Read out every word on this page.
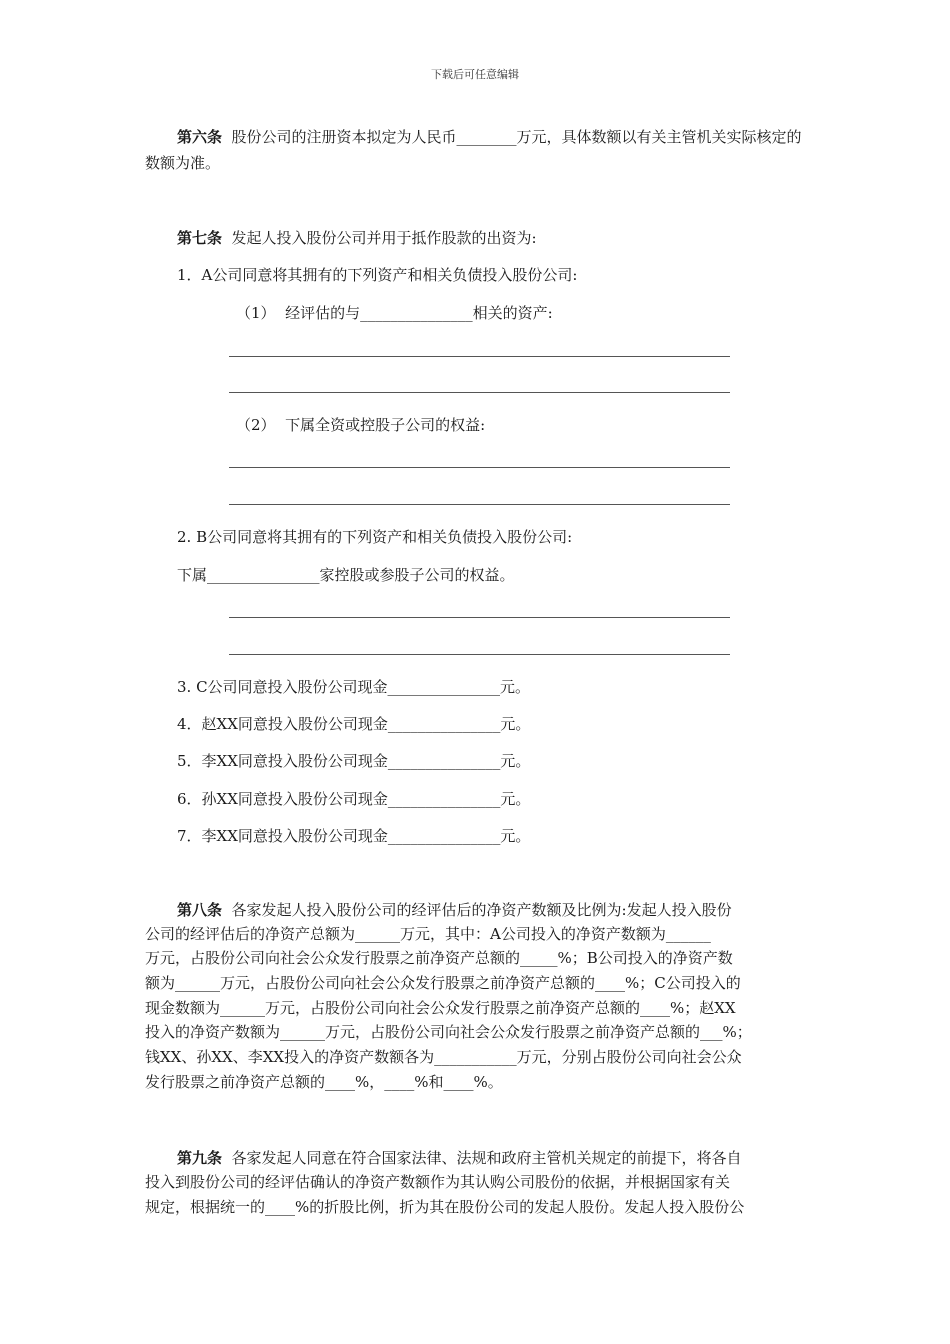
下载后可任意编辑

第六条  股份公司的注册资本拟定为人民币________万元，具体数额以有关主管机关实际核定的数额为准。

第七条  发起人投入股份公司并用于抵作股款的出资为:

1．A公司同意将其拥有的下列资产和相关负债投入股份公司:

（1）  经评估的与_______________相关的资产:

（2）  下属全资或控股子公司的权益:

2. B公司同意将其拥有的下列资产和相关负债投入股份公司:

下属_______________家控股或参股子公司的权益。

3. C公司同意投入股份公司现金_______________元。

4．赵XX同意投入股份公司现金_______________元。

5．李XX同意投入股份公司现金_______________元。

6．孙XX同意投入股份公司现金_______________元。

7．李XX同意投入股份公司现金_______________元。

第八条  各家发起人投入股份公司的经评估后的净资产数额及比例为:发起人投入股份

公司的经评估后的净资产总额为______万元，其中：A公司投入的净资产数额为______

万元，占股份公司向社会公众发行股票之前净资产总额的_____%；B公司投入的净资产数

额为______万元，占股份公司向社会公众发行股票之前净资产总额的____%；C公司投入的

现金数额为______万元，占股份公司向社会公众发行股票之前净资产总额的____%；赵XX

投入的净资产数额为______万元，占股份公司向社会公众发行股票之前净资产总额的___%；

钱XX、孙XX、李XX投入的净资产数额各为___________万元，分别占股份公司向社会公众

发行股票之前净资产总额的____%，____%和____%。

第九条  各家发起人同意在符合国家法律、法规和政府主管机关规定的前提下，将各自

投入到股份公司的经评估确认的净资产数额作为其认购公司股份的依据，并根据国家有关

规定，根据统一的____%的折股比例，折为其在股份公司的发起人股份。发起人投入股份公
